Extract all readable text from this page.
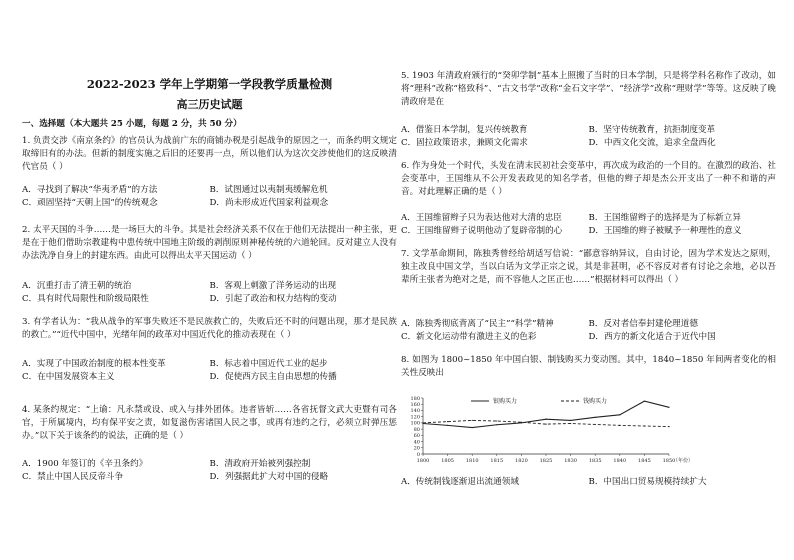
2022-2023 学年上学期第一学段教学质量检测
高三历史试题
一、选择题（本大题共 25 小题，每题 2 分，共 50 分）
1. 负责交涉《南京条约》的官员认为战前广东的商铺办税是引起战争的原因之一，而条约明文规定取缔旧有的办法。但新的制度实施之后旧的还要再一点，所以他们认为这次交涉使他们的这反映清代官员（ ）
A．寻找到了解决“华夷矛盾”的方法	B．试图通过以夷制夷缓解危机
C．顽固坚持“天朝上国”的传统观念	D．尚未形成近代国家利益观念
2. 太平天国的斗争……是一场巨大的斗争。其是社会经济关系不仅在于他们无法提出一种主张，更是在于他们借助宗教建构中患传统中国地主阶级的剥削原则神秘传统的六道轮回。反对建立人没有办法洗净自身上的封建东西。由此可以得出太平天国运动（ ）
A．沉重打击了清王朝的统治	B．客观上刺激了洋务运动的出现
C．具有时代局限性和阶级局限性	D．引起了政治和权力结构的变动
3. 有学者认为：“我从战争的军事失败还不是民族救亡的，失败后还不时的问题出现，那才是民族的救亡。”“近代中国中，光绪年间的政革对中国近代化的推动表现在（ ）
A．实现了中国政治制度的根本性变革	B．标志着中国近代工业的起步
C．在中国发展资本主义	D．促使西方民主自由思想的传播
4. 某条约规定：“上谕：凡永禁或设、或入与排外团体。违者皆斩……各省抚督文武大吏暨有司各官，于所属境内，均有保平安之责，如复滋伤害诸国人民之事，或再有违约之行，必须立时弹压惩办。”以下关于该条约的说法，正确的是（ ）
A．1900 年签订的《辛丑条约》	B．清政府开始被列强控制
C．禁止中国人民反帝斗争	D．列强据此扩大对中国的侵略
5. 1903 年清政府颁行的“癸卯学制”基本上照搬了当时的日本学制，只是将学科名称作了改动，如将“理科”改称“格致科”、“古文书学”改称“金石文字学”、“经济学”改称“理财学”等等。这反映了晚清政府是在
A．借鉴日本学制，复兴传统教育	B．坚守传统教育，抗拒制度变革
C．固拉政策语求，兼顾文化需求	D．中西文化交流，追求全盘西化
6. 作为身处一个时代，头发在清末民初社会变革中，再次成为政治的一个目的。在激烈的政治、社会变革中，王国维从不公开发表政见的知名学者，但他的辫子却是杰公开支出了一种不和谐的声音。对此理解正确的是（ ）
A．王国维留辫子只为表达他对大清的忠臣	B．王国维留辫子的选择是为了标新立异
C．王国维留辫子说明他动了复辟帝制的心	D．王国维的辫子被赋予一种理性的意义
7. 文学革命期间，陈独秀曾经给胡适写信说：“鄙意容纳异议，自由讨论，固为学术发达之原则，独主改良中国文学，当以白话为文学正宗之说，其是非甚明，必不容反对者有讨论之余地，必以吾辈所主张者为绝对之是，而不容他人之匡正也……”根据材料可以得出（ ）
A．陈独秀彻底背离了“民主”“科学”精神	B．反对者信奉封建伦理道德
C．新文化运动带有激进主义的色彩	D．西方的新文化适合于近代中国
8. 如图为 1800~1850 年中国白银、制钱购买力变动图。其中，1840~1850 年间两者变化的相关性反映出
0
20
40
60
80
100
120
140
160
180
1800 1805 1810 1815 1820 1825 1830 1835 1840 1845 1850
（年份）
银购买力	钱购买力
A．传统制钱逐渐退出流通领域	B．中国出口贸易规模持续扩大
